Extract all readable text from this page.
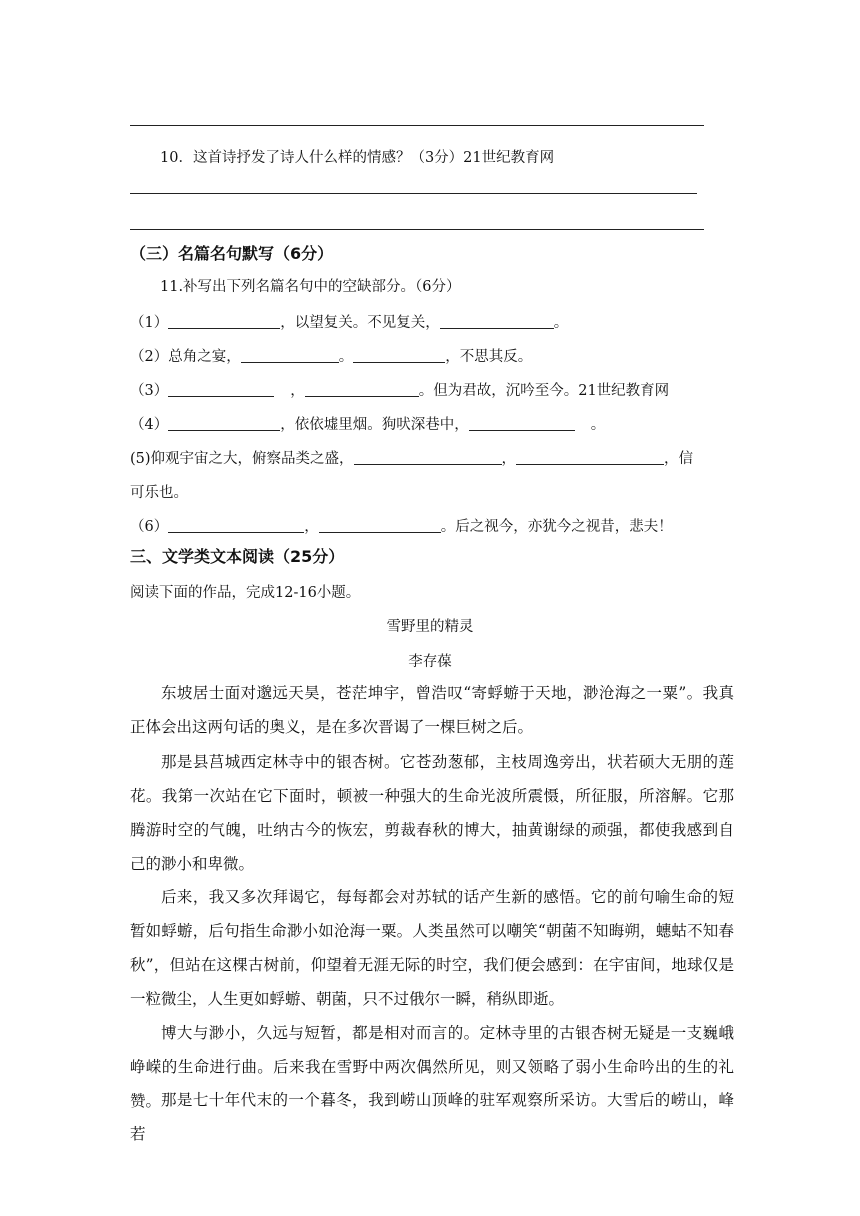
10．这首诗抒发了诗人什么样的情感？（3分）21世纪教育网
（三）名篇名句默写（6分）
11.补写出下列名篇名句中的空缺部分。（6分）
（1）	，以望复关。不见复关，	。
（2）总角之宴，	。	，不思其反。
（3）	，	。但为君故，沉吟至今。21世纪教育网
（4）	，依依墟里烟。狗吠深巷中，	。
(5)仰观宇宙之大，俯察品类之盛，	，	，信
可乐也。
（6）	，	。后之视今，亦犹今之视昔，悲夫！
三、文学类文本阅读（25分）
阅读下面的作品，完成12-16小题。
雪野里的精灵
李存葆
东坡居士面对邈远天昊，苍茫坤宇，曾浩叹“寄蜉蝣于天地，渺沧海之一粟”。我真正体会出这两句话的奥义，是在多次晋谒了一棵巨树之后。
那是县莒城西定林寺中的银杏树。它苍劲葱郁，主枝周逸旁出，状若硕大无朋的莲花。我第一次站在它下面时，顿被一种强大的生命光波所震慑，所征服，所溶解。它那腾游时空的气魄，吐纳古今的恢宏，剪裁春秋的博大，抽黄谢绿的顽强，都使我感到自己的渺小和卑微。
后来，我又多次拜谒它，每每都会对苏轼的话产生新的感悟。它的前句喻生命的短暂如蜉蝣，后句指生命渺小如沧海一粟。人类虽然可以嘲笑“朝菌不知晦朔，蟪蛄不知春秋”，但站在这棵古树前，仰望着无涯无际的时空，我们便会感到：在宇宙间，地球仅是一粒微尘，人生更如蜉蝣、朝菌，只不过俄尔一瞬，稍纵即逝。
博大与渺小，久远与短暂，都是相对而言的。定林寺里的古银杏树无疑是一支巍峨峥嵘的生命进行曲。后来我在雪野中两次偶然所见，则又领略了弱小生命吟出的生的礼赞。 那是七十年代末的一个暮冬，我到崂山顶峰的驻军观察所采访。大雪后的崂山，峰若
